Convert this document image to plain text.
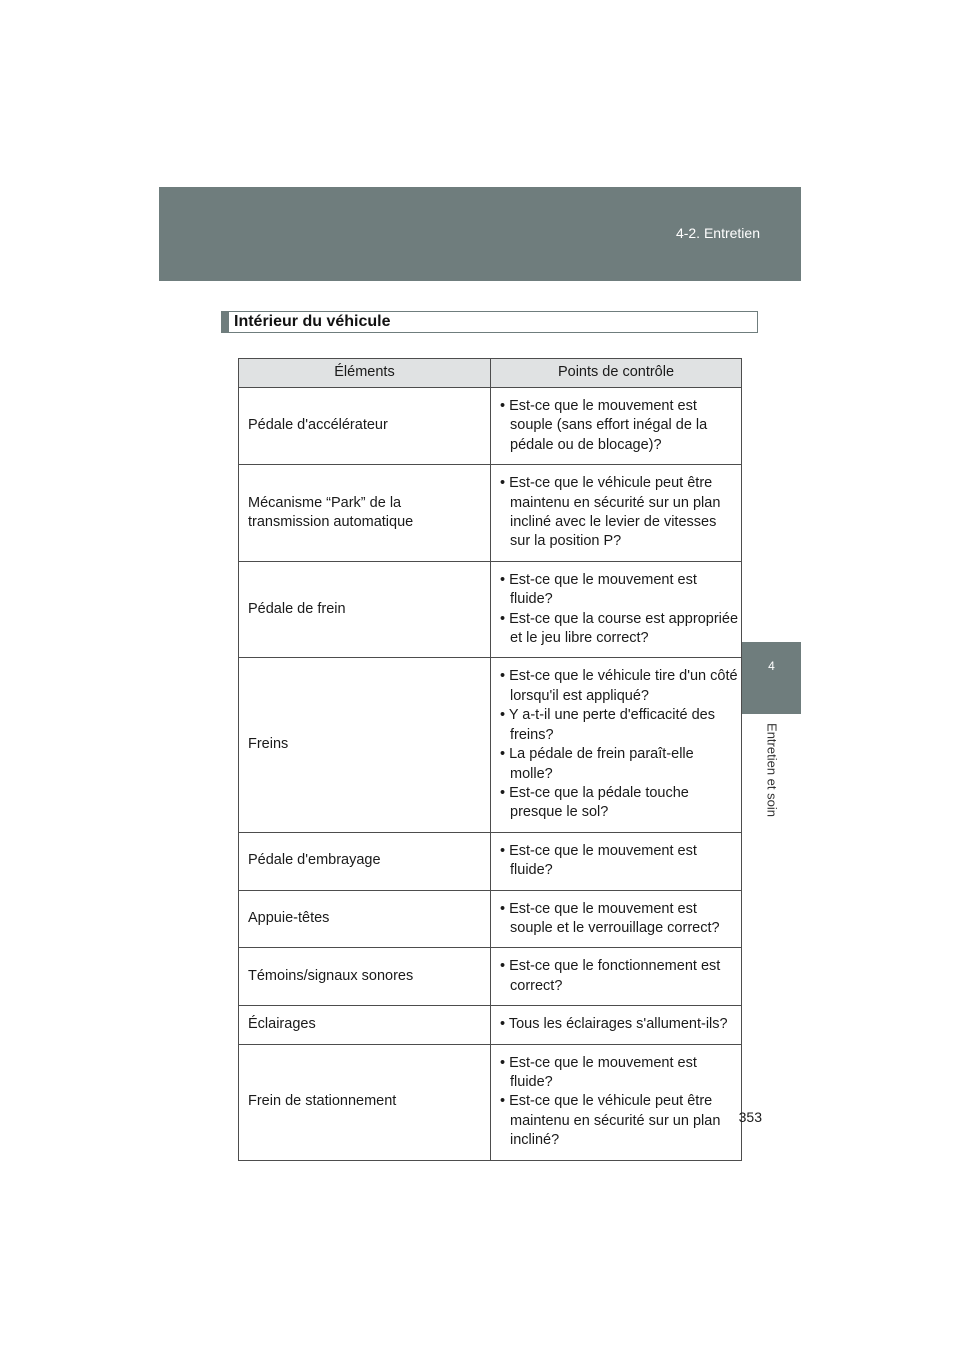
4-2. Entretien
4
Entretien et soin
Intérieur du véhicule
Éléments	Points de contrôle

Pédale d'accélérateur	• Est-ce que le mouvement est souple (sans effort inégal de la pédale ou de blocage)?

Mécanisme “Park” de la
transmission automatique	• Est-ce que le véhicule peut être maintenu en sécurité sur un plan incliné avec le levier de vitesses sur la position P?

Pédale de frein	• Est-ce que le mouvement est fluide?
• Est-ce que la course est appropriée et le jeu libre correct?

Freins	• Est-ce que le véhicule tire d'un côté lorsqu'il est appliqué?
• Y a-t-il une perte d'efficacité des freins?
• La pédale de frein paraît-elle molle?
• Est-ce que la pédale touche presque le sol?

Pédale d'embrayage	• Est-ce que le mouvement est fluide?

Appuie-têtes	• Est-ce que le mouvement est souple et le verrouillage correct?

Témoins/signaux sonores	• Est-ce que le fonctionnement est correct?

Éclairages	• Tous les éclairages s'allument-ils?

Frein de stationnement	• Est-ce que le mouvement est fluide?
• Est-ce que le véhicule peut être maintenu en sécurité sur un plan incliné?
353
